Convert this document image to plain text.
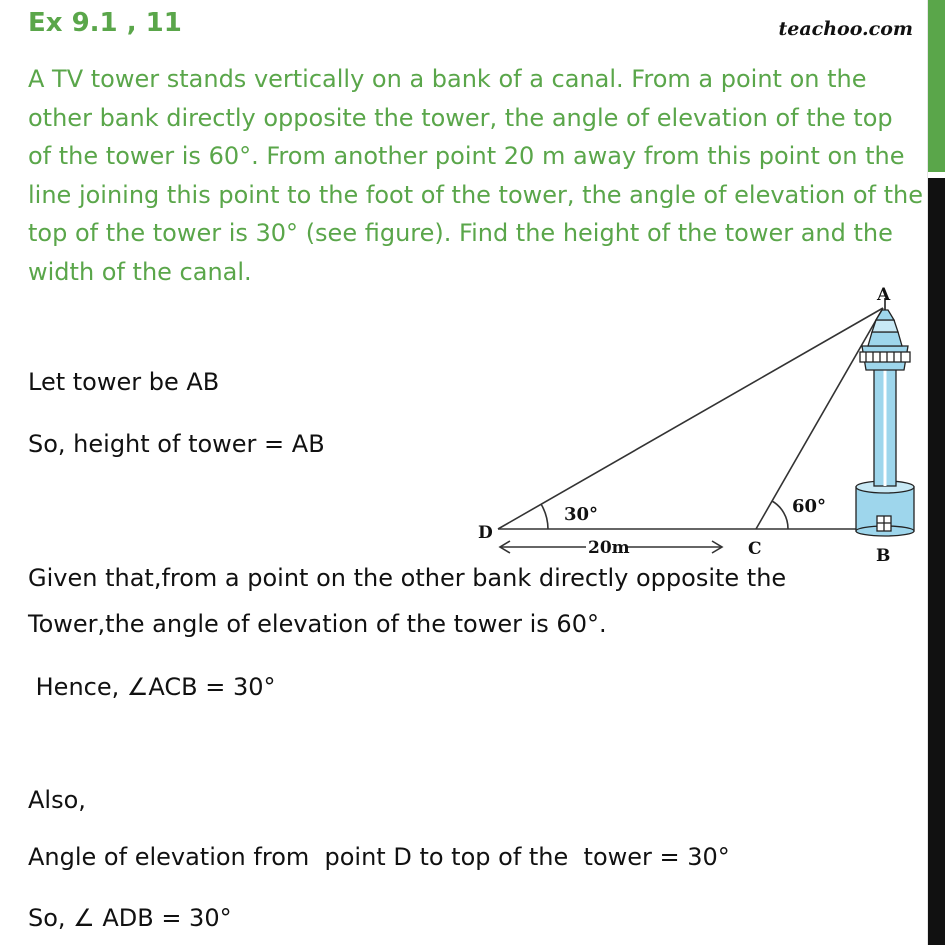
Ex 9.1 , 11	teachoo.com

A TV tower stands vertically on a bank of a canal. From a point on the other bank directly opposite the tower, the angle of elevation of the top of the tower is 60°. From another point 20 m away from this point on the line joining this point to the foot of the tower, the angle of elevation of the top of the tower is 30° (see figure). Find the height of the tower and the width of the canal.

Let tower be AB
So, height of tower = AB
Given that,from a point on the other bank directly opposite the
Tower,the angle of elevation of the tower is 60°.
Hence, ∠ACB = 30°
Also,
Angle of elevation from  point D to top of the  tower = 30°
So, ∠ ADB = 30°
30°	60°
A
D
C	B
20m
